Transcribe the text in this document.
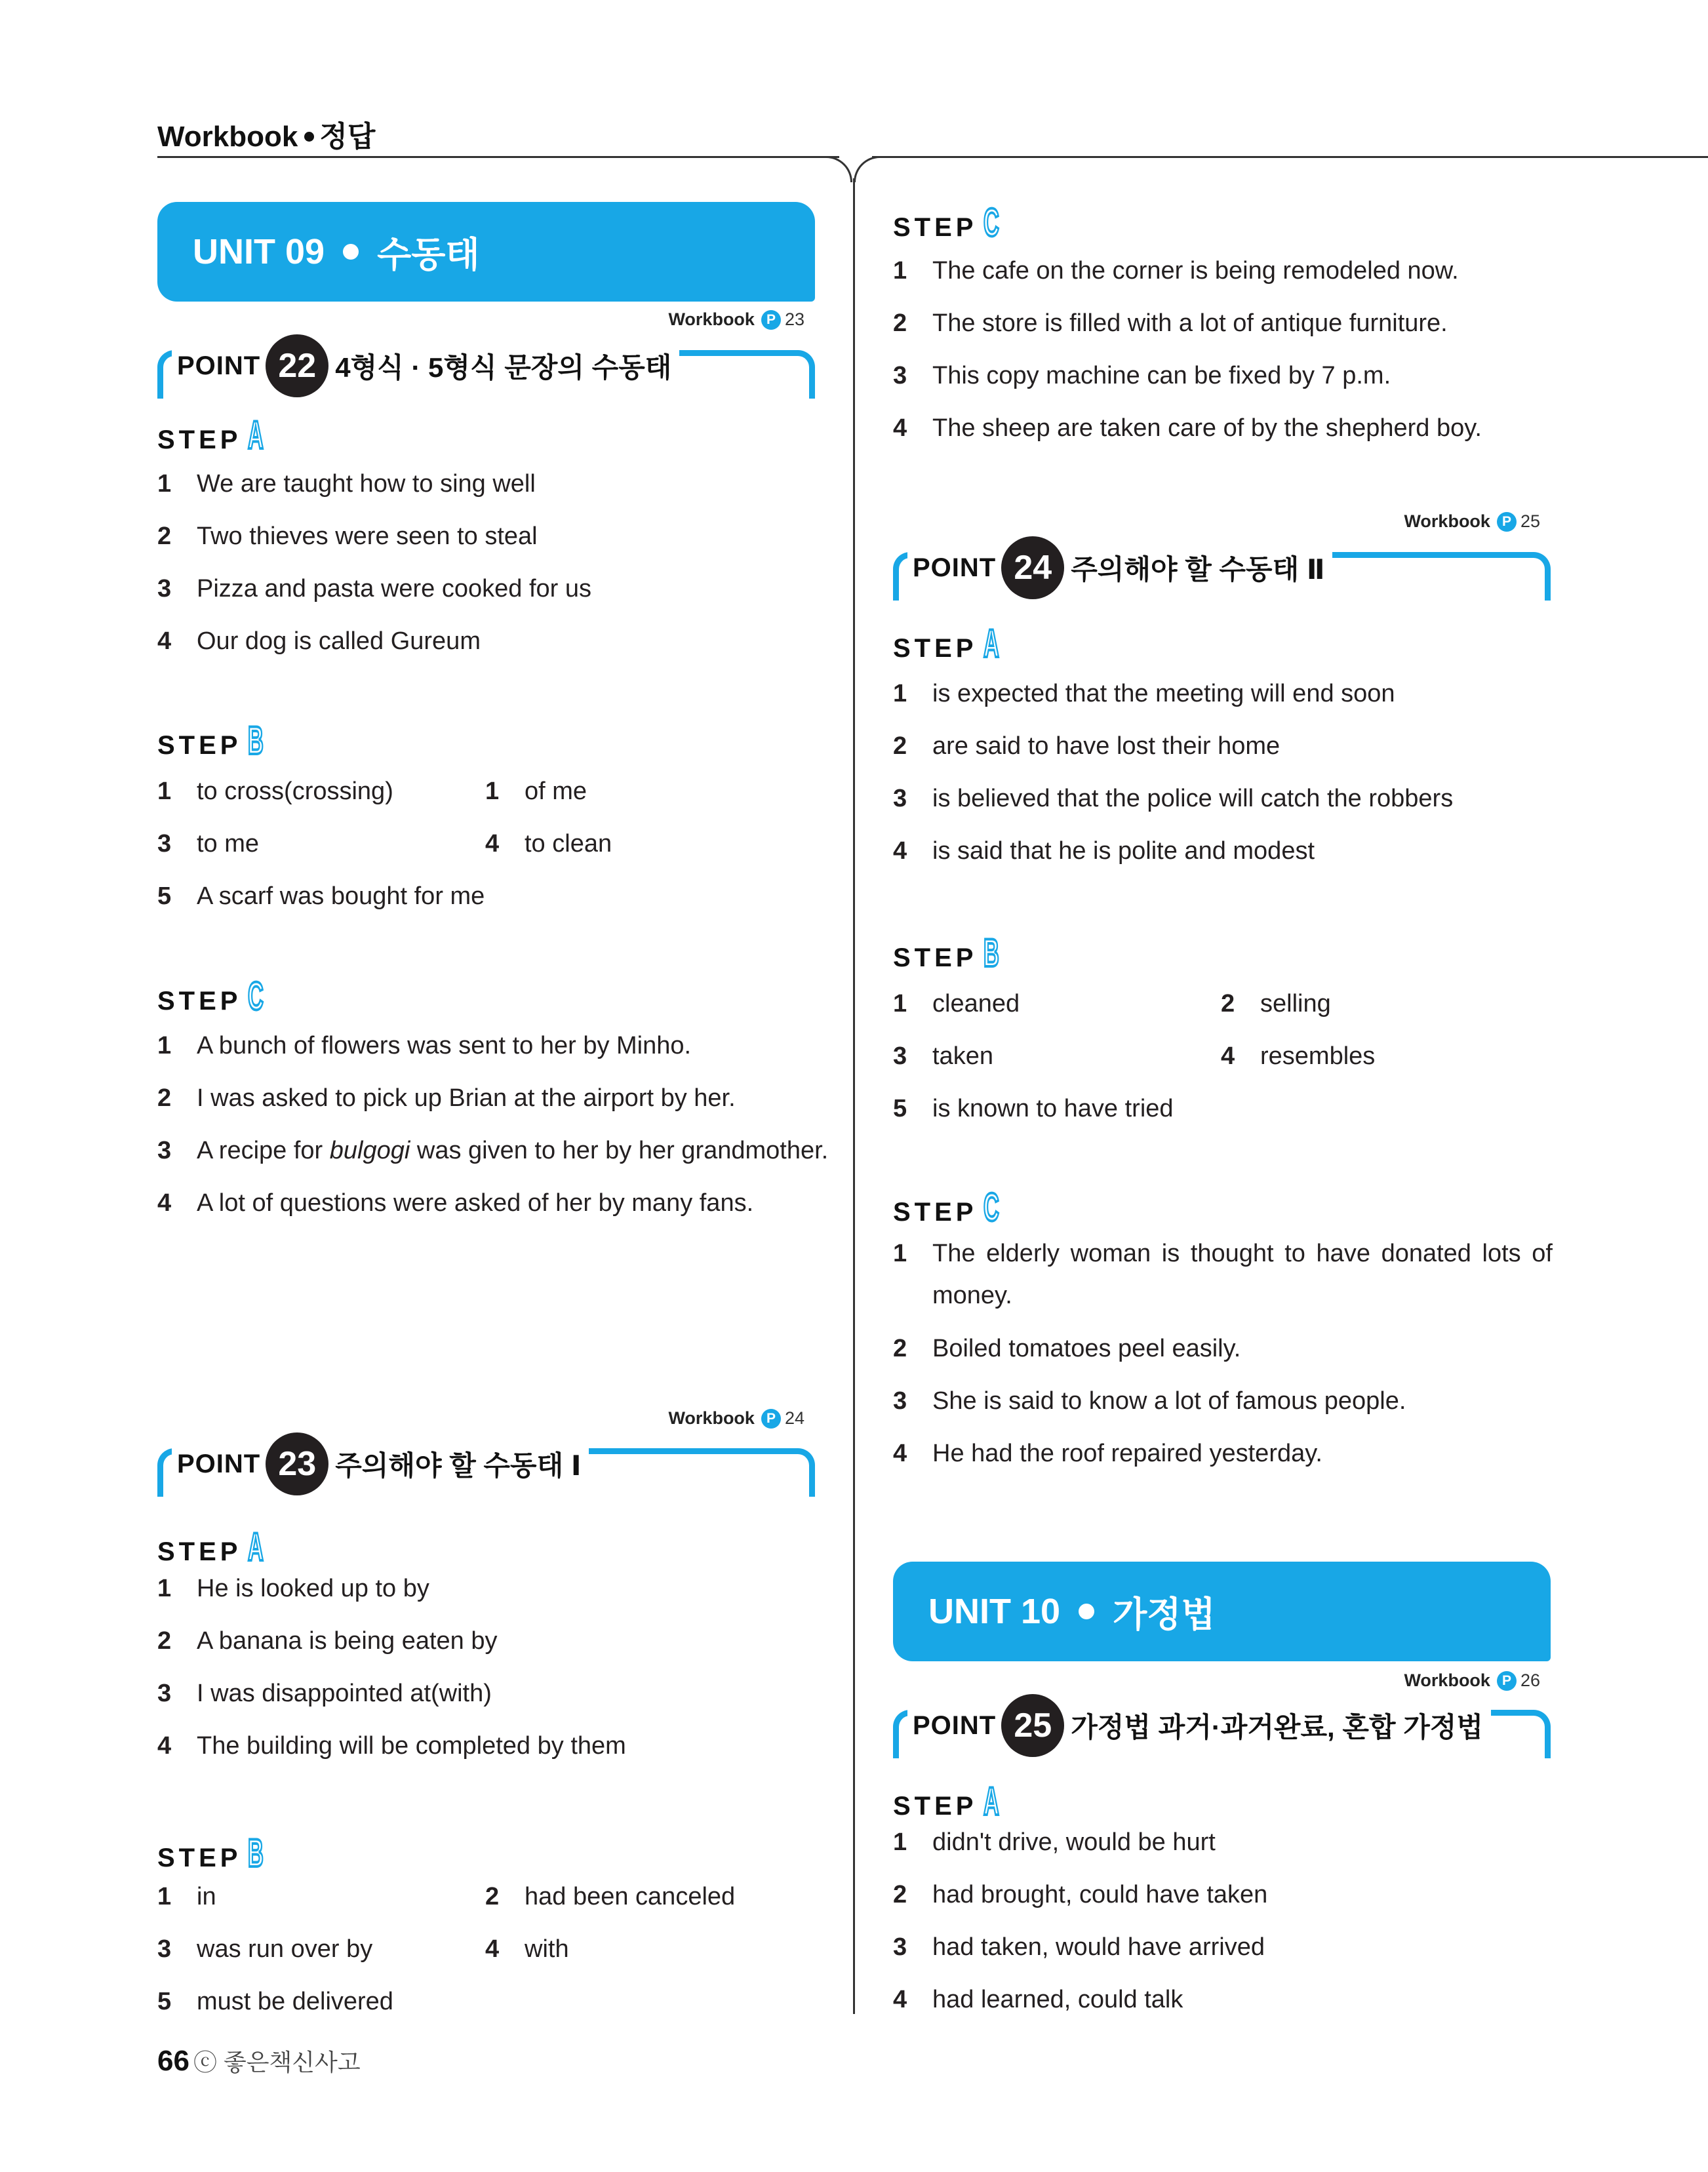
Workbook 정답
UNIT 09 수동태
Workbook P 23
POINT 22 4형식 · 5형식 문장의 수동태
STEP A
1	We are taught how to sing well
2	Two thieves were seen to steal
3	Pizza and pasta were cooked for us
4	Our dog is called Gureum
STEP B
1	to cross(crossing)	1	of me
3	to me	4	to clean
5	A scarf was bought for me
STEP C
1	A bunch of flowers was sent to her by Minho.
2	I was asked to pick up Brian at the airport by her.
3	A recipe for bulgogi was given to her by her grandmother.
4	A lot of questions were asked of her by many fans.
Workbook P 24
POINT 23 주의해야 할 수동태 Ⅰ
STEP A
1	He is looked up to by
2	A banana is being eaten by
3	I was disappointed at(with)
4	The building will be completed by them
STEP B
1	in	2	had been canceled
3	was run over by	4	with
5	must be delivered
STEP C
1	The cafe on the corner is being remodeled now.
2	The store is filled with a lot of antique furniture.
3	This copy machine can be fixed by 7 p.m.
4	The sheep are taken care of by the shepherd boy.
Workbook P 25
POINT 24 주의해야 할 수동태 Ⅱ
STEP A
1	is expected that the meeting will end soon
2	are said to have lost their home
3	is believed that the police will catch the robbers
4	is said that he is polite and modest
STEP B
1	cleaned	2	selling
3	taken	4	resembles
5	is known to have tried
STEP C
1	The elderly woman is thought to have donated lots of money.
2	Boiled tomatoes peel easily.
3	She is said to know a lot of famous people.
4	He had the roof repaired yesterday.
UNIT 10 가정법
Workbook P 26
POINT 25 가정법 과거·과거완료, 혼합 가정법
STEP A
1	didn't drive, would be hurt
2	had brought, could have taken
3	had taken, would have arrived
4	had learned, could talk
66 ⓒ 좋은책신사고
